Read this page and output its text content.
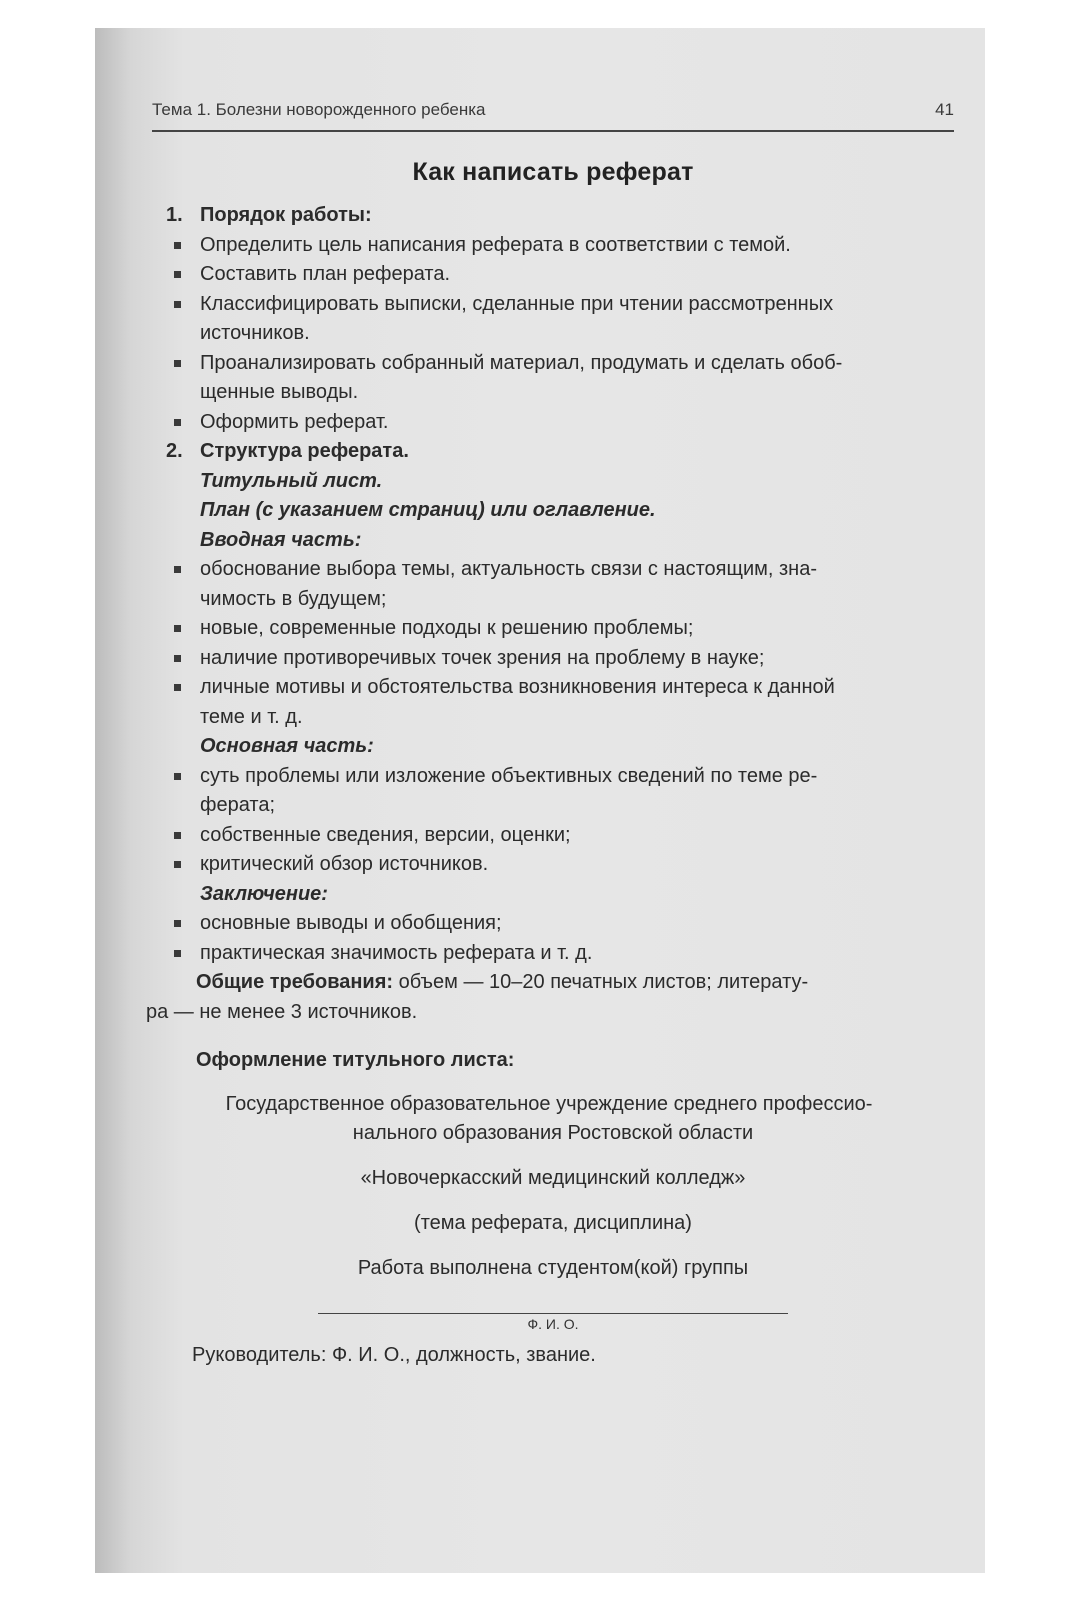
Тема 1. Болезни новорожденного ребенка	41
Как написать реферат
1. Порядок работы:
Определить цель написания реферата в соответствии с темой.
Составить план реферата.
Классифицировать выписки, сделанные при чтении рассмотренных
источников.
Проанализировать собранный материал, продумать и сделать обоб-
щенные выводы.
Оформить реферат.
2. Структура реферата.
Титульный лист.
План (с указанием страниц) или оглавление.
Вводная часть:
обоснование выбора темы, актуальность связи с настоящим, зна-
чимость в будущем;
новые, современные подходы к решению проблемы;
наличие противоречивых точек зрения на проблему в науке;
личные мотивы и обстоятельства возникновения интереса к данной
теме и т. д.
Основная часть:
суть проблемы или изложение объективных сведений по теме ре-
ферата;
собственные сведения, версии, оценки;
критический обзор источников.
Заключение:
основные выводы и обобщения;
практическая значимость реферата и т. д.
Общие требования: объем — 10–20 печатных листов; литерату-
ра — не менее 3 источников.
Оформление титульного листа:
Государственное образовательное учреждение среднего профессио-
нального образования Ростовской области
«Новочеркасский медицинский колледж»
(тема реферата, дисциплина)
Работа выполнена студентом(кой) группы
Ф. И. О.
Руководитель: Ф. И. О., должность, звание.
